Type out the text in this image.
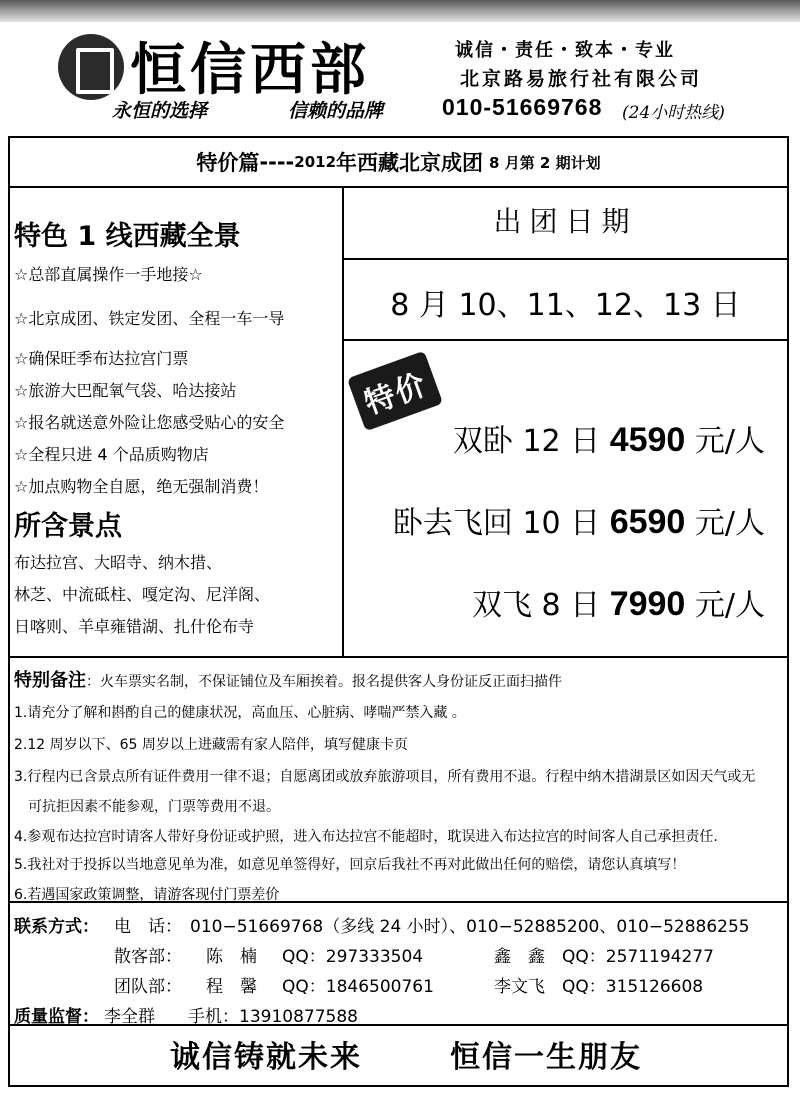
恒信西部
永恒的选择	信赖的品牌
诚信・责任・致本・专业
北京路易旅行社有限公司
010-51669768 (24小时热线)
特价篇 ---- 2012 年西藏北京成团 8 月第 2 期计划
特色 1 线西藏全景
☆总部直属操作一手地接☆
☆北京成团、铁定发团、全程一车一导
☆确保旺季布达拉宫门票
☆旅游大巴配氧气袋、哈达接站
☆报名就送意外险让您感受贴心的安全
☆全程只进 4 个品质购物店
☆加点购物全自愿，绝无强制消费！
所含景点
布达拉宫、大昭寺、纳木措、
林芝、中流砥柱、嘎定沟、尼洋阁、
日喀则、羊卓雍错湖、扎什伦布寺
出团日期
8 月 10、11、12、13 日
特价
双卧 12 日 4590 元/人
卧去飞回 10 日 6590 元/人
双飞 8 日 7990 元/人
特别备注：火车票实名制，不保证铺位及车厢挨着。报名提供客人身份证反正面扫描件
1.请充分了解和斟酌自己的健康状况，高血压、心脏病、哮喘严禁入藏 。
2.12 周岁以下、65 周岁以上进藏需有家人陪伴，填写健康卡页
3.行程内已含景点所有证件费用一律不退；自愿离团或放弃旅游项目，所有费用不退。行程中纳木措湖景区如因天气或无
可抗拒因素不能参观，门票等费用不退。
4.参观布达拉宫时请客人带好身份证或护照，进入布达拉宫不能超时，耽误进入布达拉宫的时间客人自己承担责任.
5.我社对于投拆以当地意见单为准，如意见单签得好，回京后我社不再对此做出任何的赔偿，请您认真填写！
6.若遇国家政策调整，请游客现付门票差价
联系方式： 电　话： 010−51669768（多线 24 小时）、010−52885200、010−52886255
散客部： 陈　楠 QQ：297333504	鑫　鑫 QQ：2571194277
团队部： 程　馨 QQ：1846500761	李文飞 QQ：315126608
质量监督： 李全群 手机：13910877588
诚信铸就未来	恒信一生朋友
